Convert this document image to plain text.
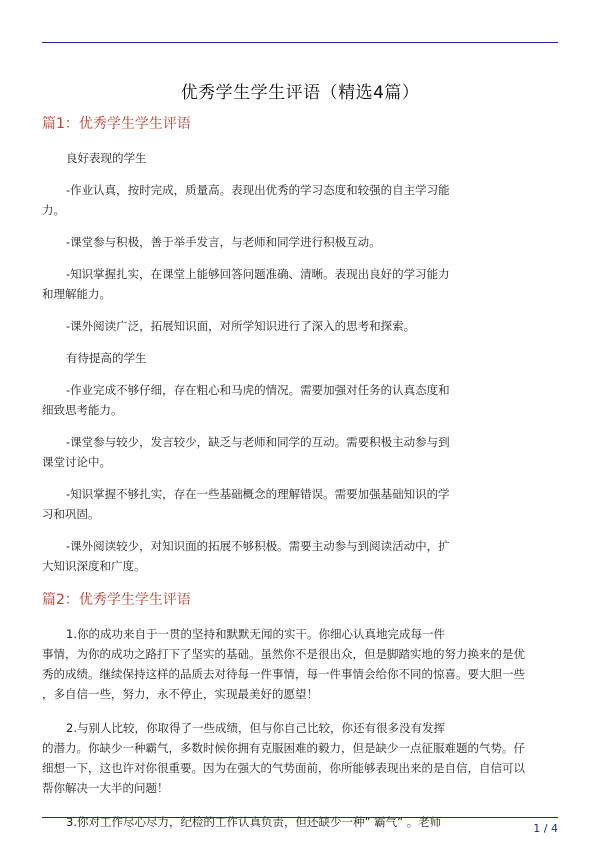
优秀学生学生评语（精选4篇）
篇1：优秀学生学生评语
良好表现的学生
-作业认真，按时完成，质量高。表现出优秀的学习态度和较强的自主学习能
力。
-课堂参与积极，善于举手发言，与老师和同学进行积极互动。
-知识掌握扎实，在课堂上能够回答问题准确、清晰。表现出良好的学习能力
和理解能力。
-课外阅读广泛，拓展知识面，对所学知识进行了深入的思考和探索。
有待提高的学生
-作业完成不够仔细，存在粗心和马虎的情况。需要加强对任务的认真态度和
细致思考能力。
-课堂参与较少，发言较少，缺乏与老师和同学的互动。需要积极主动参与到
课堂讨论中。
-知识掌握不够扎实，存在一些基础概念的理解错误。需要加强基础知识的学
习和巩固。
-课外阅读较少，对知识面的拓展不够积极。需要主动参与到阅读活动中，扩
大知识深度和广度。
篇2：优秀学生学生评语
1.你的成功来自于一贯的坚持和默默无闻的实干。你细心认真地完成每一件
事情，为你的成功之路打下了坚实的基础。虽然你不是很出众，但是脚踏实地的努力换来的是优
秀的成绩。继续保持这样的品质去对待每一件事情，每一件事情会给你不同的惊喜。要大胆一些
，多自信一些，努力，永不停止，实现最美好的愿望！
2.与别人比较，你取得了一些成绩，但与你自己比较，你还有很多没有发挥
的潜力。你缺少一种霸气，多数时候你拥有克服困难的毅力，但是缺少一点征服难题的气势。仔
细想一下，这也许对你很重要。因为在强大的气势面前，你所能够表现出来的是自信，自信可以
帮你解决一大半的问题！
3.你对工作尽心尽力，纪检的工作认真负责，但还缺少一种” 霸气” 。老师	1 / 4
